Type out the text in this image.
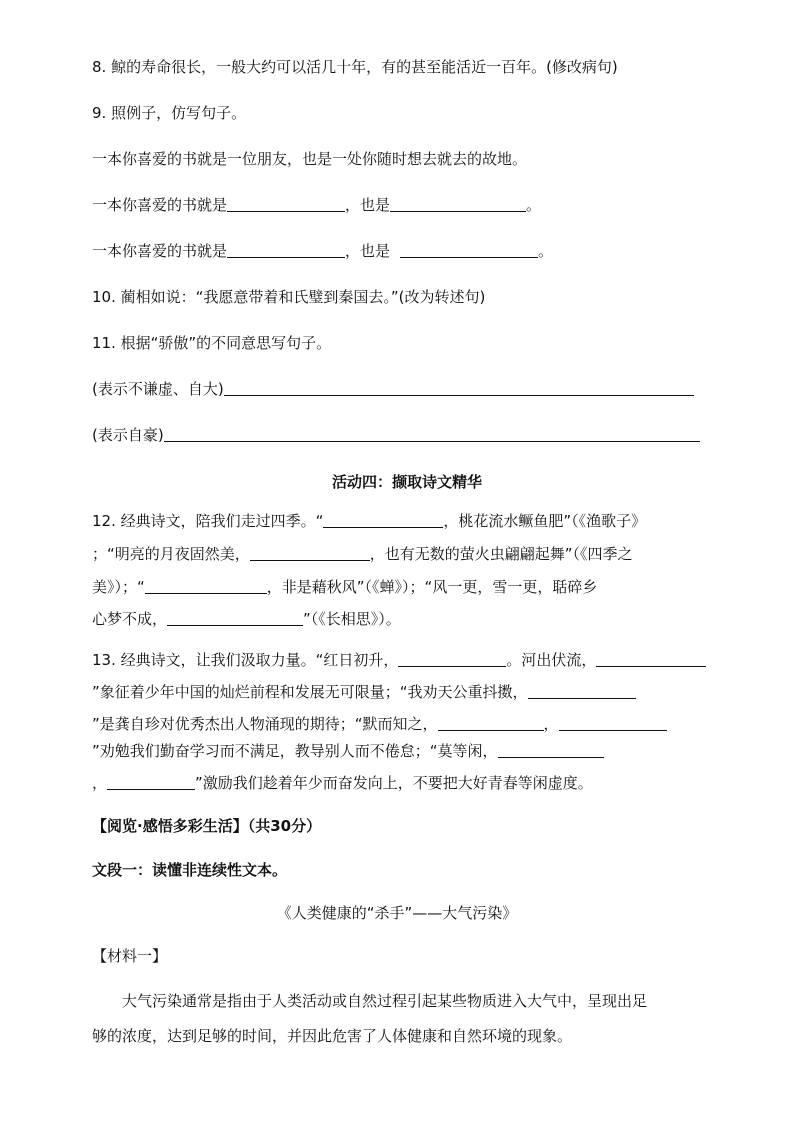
8. 鲸的寿命很长，一般大约可以活几十年，有的甚至能活近一百年。(修改病句)
9. 照例子，仿写句子。
一本你喜爱的书就是一位朋友，也是一处你随时想去就去的故地。
一本你喜爱的书就是	，也是	。
一本你喜爱的书就是	，也是	。
10. 蔺相如说：“我愿意带着和氏璧到秦国去。”(改为转述句)
11. 根据“骄傲”的不同意思写句子。
(表示不谦虚、自大)
(表示自豪)
活动四：撷取诗文精华
12. 经典诗文，陪我们走过四季。“	，桃花流水鳜鱼肥”（《渔歌子》
；“明亮的月夜固然美，	，也有无数的萤火虫翩翩起舞”（《四季之
美》）；“	，非是藉秋风”（《蝉》）；“风一更，雪一更，聒碎乡
心梦不成，	”（《长相思》）。
13. 经典诗文，让我们汲取力量。“红日初升，	。河出伏流，
”象征着少年中国的灿烂前程和发展无可限量；“我劝天公重抖擞，
”是龚自珍对优秀杰出人物涌现的期待；“默而知之，	，
”劝勉我们勤奋学习而不满足，教导别人而不倦怠；“莫等闲，
，	”激励我们趁着年少而奋发向上，不要把大好青春等闲虚度。
【阅览·感悟多彩生活】（共30分）
文段一：读懂非连续性文本。
《人类健康的“杀手”——大气污染》
【材料一】
大气污染通常是指由于人类活动或自然过程引起某些物质进入大气中，呈现出足
够的浓度，达到足够的时间，并因此危害了人体健康和自然环境的现象。
